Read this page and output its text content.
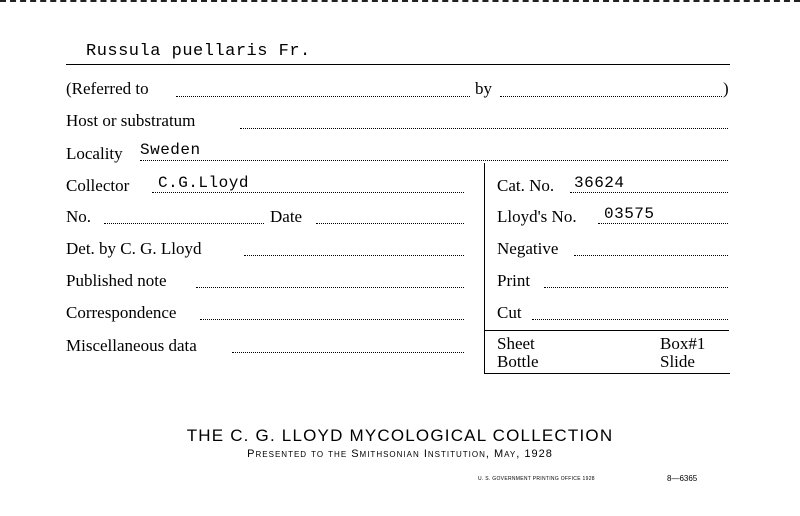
Russula puellaris Fr.
(Referred to	by	)
Host or substratum
Locality Sweden
Collector C.G.Lloyd	Cat. No. 36624
No.	Date	Lloyd's No. 03575
Det. by C. G. Lloyd	Negative
Published note	Print
Correspondence	Cut
Miscellaneous data	Sheet	Box#1
Bottle	Slide
THE C. G. LLOYD MYCOLOGICAL COLLECTION
Presented to the Smithsonian Institution, May, 1928
U. S. GOVERNMENT PRINTING OFFICE 1928	8—6365
